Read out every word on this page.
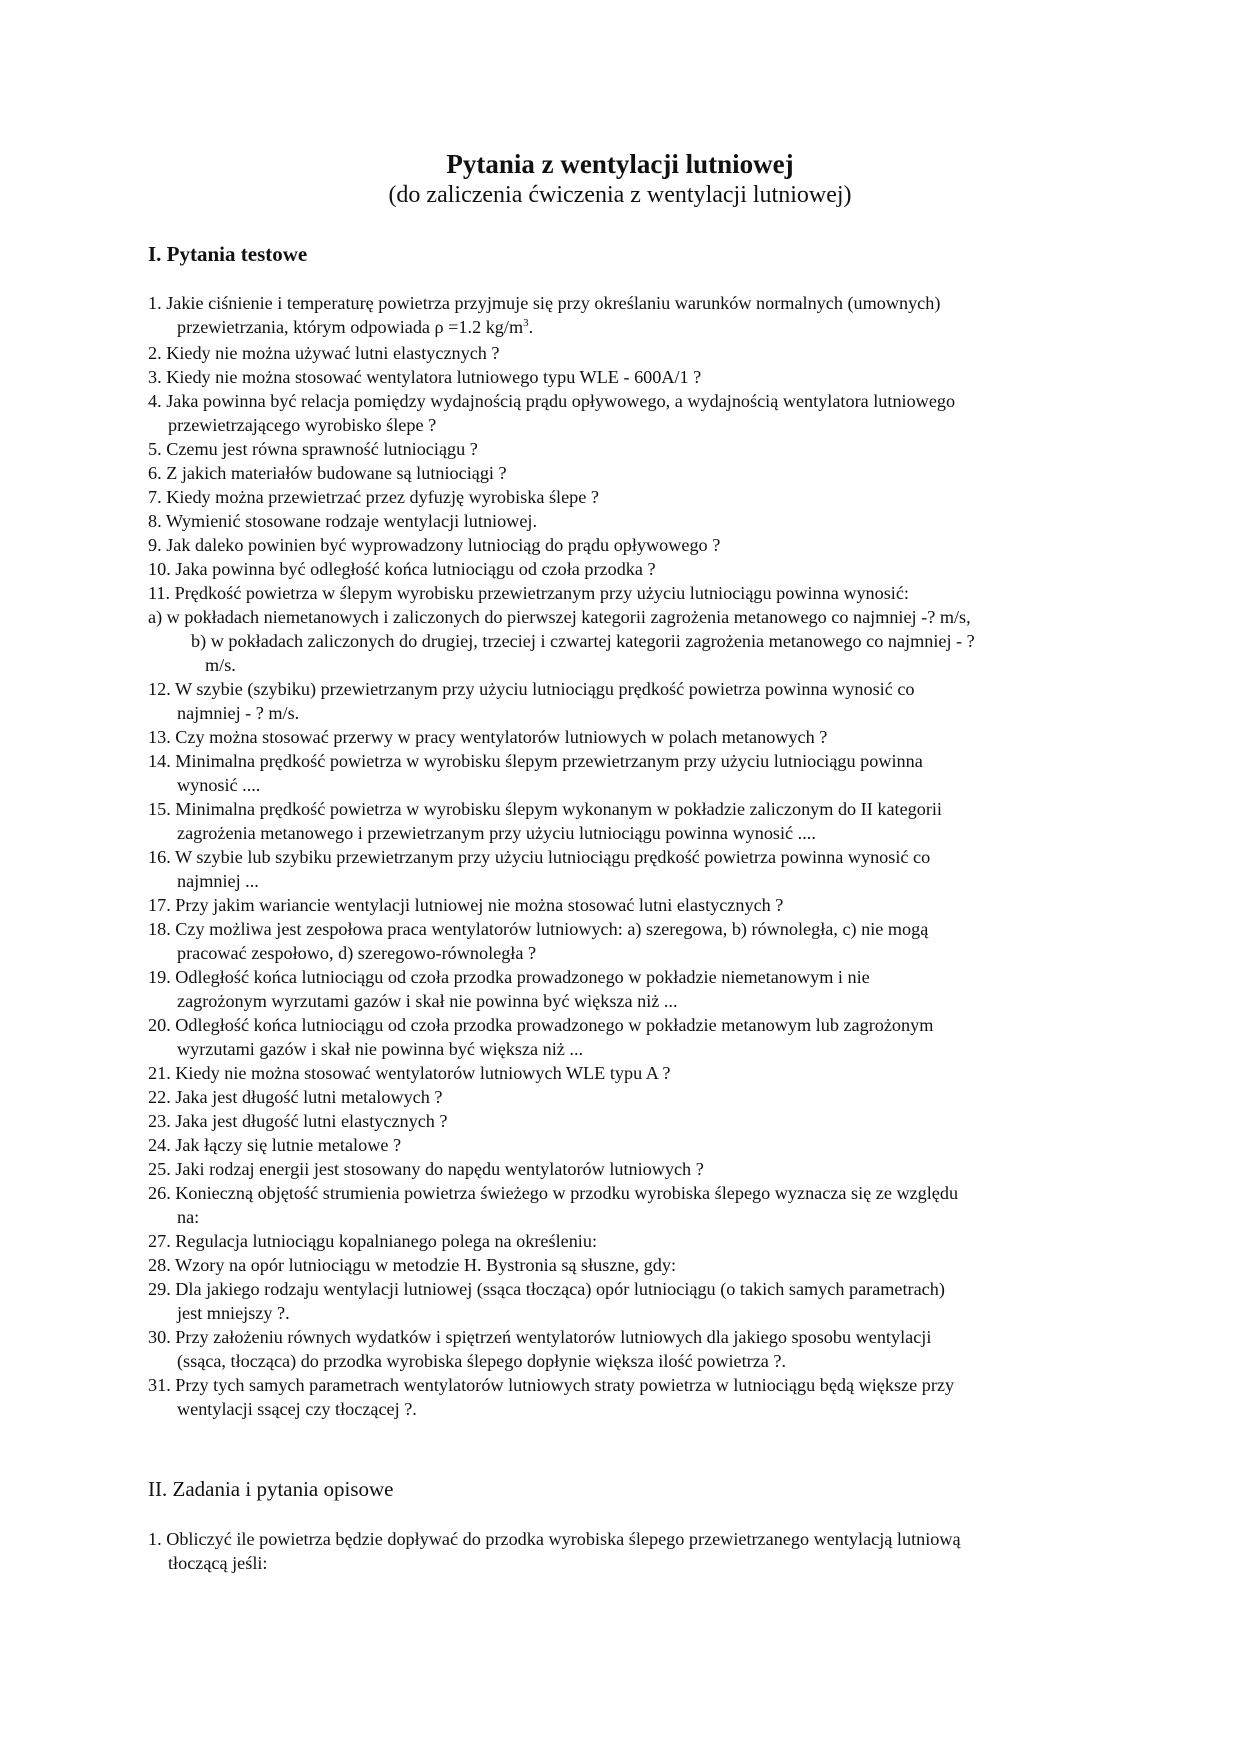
Pytania z wentylacji lutniowej
(do zaliczenia ćwiczenia z wentylacji lutniowej)
I. Pytania testowe
1. Jakie ciśnienie i temperaturę powietrza przyjmuje się przy określaniu warunków normalnych (umownych)
przewietrzania, którym odpowiada ρ =1.2 $kg/m^3$.
2. Kiedy nie można używać lutni elastycznych ?
3. Kiedy nie można stosować wentylatora lutniowego typu WLE - 600A/1 ?
4. Jaka powinna być relacja pomiędzy wydajnością prądu opływowego, a wydajnością wentylatora lutniowego
przewietrzającego wyrobisko ślepe ?
5. Czemu jest równa sprawność lutniociągu ?
6. Z jakich materiałów budowane są lutniociągi ?
7. Kiedy można przewietrzać przez dyfuzję wyrobiska ślepe ?
8. Wymienić stosowane rodzaje wentylacji lutniowej.
9. Jak daleko powinien być wyprowadzony lutniociąg do prądu opływowego ?
10. Jaka powinna być odległość końca lutniociągu od czoła przodka ?
11. Prędkość powietrza w ślepym wyrobisku przewietrzanym przy użyciu lutniociągu powinna wynosić:
a) w pokładach niemetanowych i zaliczonych do pierwszej kategorii zagrożenia metanowego co najmniej -? m/s,
b) w pokładach zaliczonych do drugiej, trzeciej i czwartej kategorii zagrożenia metanowego co najmniej - ?
m/s.
12. W szybie (szybiku) przewietrzanym przy użyciu lutniociągu prędkość powietrza powinna wynosić co
najmniej - ? m/s.
13. Czy można stosować przerwy w pracy wentylatorów lutniowych w polach metanowych ?
14. Minimalna prędkość powietrza w wyrobisku ślepym przewietrzanym przy użyciu lutniociągu powinna
wynosić ....
15. Minimalna prędkość powietrza w wyrobisku ślepym wykonanym w pokładzie zaliczonym do II kategorii
zagrożenia metanowego i przewietrzanym przy użyciu lutniociągu powinna wynosić ....
16. W szybie lub szybiku przewietrzanym przy użyciu lutniociągu prędkość powietrza powinna wynosić co
najmniej ...
17. Przy jakim wariancie wentylacji lutniowej nie można stosować lutni elastycznych ?
18. Czy możliwa jest zespołowa praca wentylatorów lutniowych: a) szeregowa, b) równoległa, c) nie mogą
pracować zespołowo, d) szeregowo-równoległa ?
19. Odległość końca lutniociągu od czoła przodka prowadzonego w pokładzie niemetanowym i nie
zagrożonym wyrzutami gazów i skał nie powinna być większa niż ...
20. Odległość końca lutniociągu od czoła przodka prowadzonego w pokładzie metanowym lub zagrożonym
wyrzutami gazów i skał nie powinna być większa niż ...
21. Kiedy nie można stosować wentylatorów lutniowych WLE typu A ?
22. Jaka jest długość lutni metalowych ?
23. Jaka jest długość lutni elastycznych ?
24. Jak łączy się lutnie metalowe ?
25. Jaki rodzaj energii jest stosowany do napędu wentylatorów lutniowych ?
26. Konieczną objętość strumienia powietrza świeżego w przodku wyrobiska ślepego wyznacza się ze względu
na:
27. Regulacja lutniociągu kopalnianego polega na określeniu:
28. Wzory na opór lutniociągu w metodzie H. Bystronia są słuszne, gdy:
29. Dla jakiego rodzaju wentylacji lutniowej (ssąca tłocząca) opór lutniociągu (o takich samych parametrach)
jest mniejszy ?.
30. Przy założeniu równych wydatków i spiętrzeń wentylatorów lutniowych dla jakiego sposobu wentylacji
(ssąca, tłocząca) do przodka wyrobiska ślepego dopłynie większa ilość powietrza ?.
31. Przy tych samych parametrach wentylatorów lutniowych straty powietrza w lutniociągu będą większe przy
wentylacji ssącej czy tłoczącej ?.
II. Zadania i pytania opisowe
1. Obliczyć ile powietrza będzie dopływać do przodka wyrobiska ślepego przewietrzanego wentylacją lutniową
tłoczącą jeśli:
